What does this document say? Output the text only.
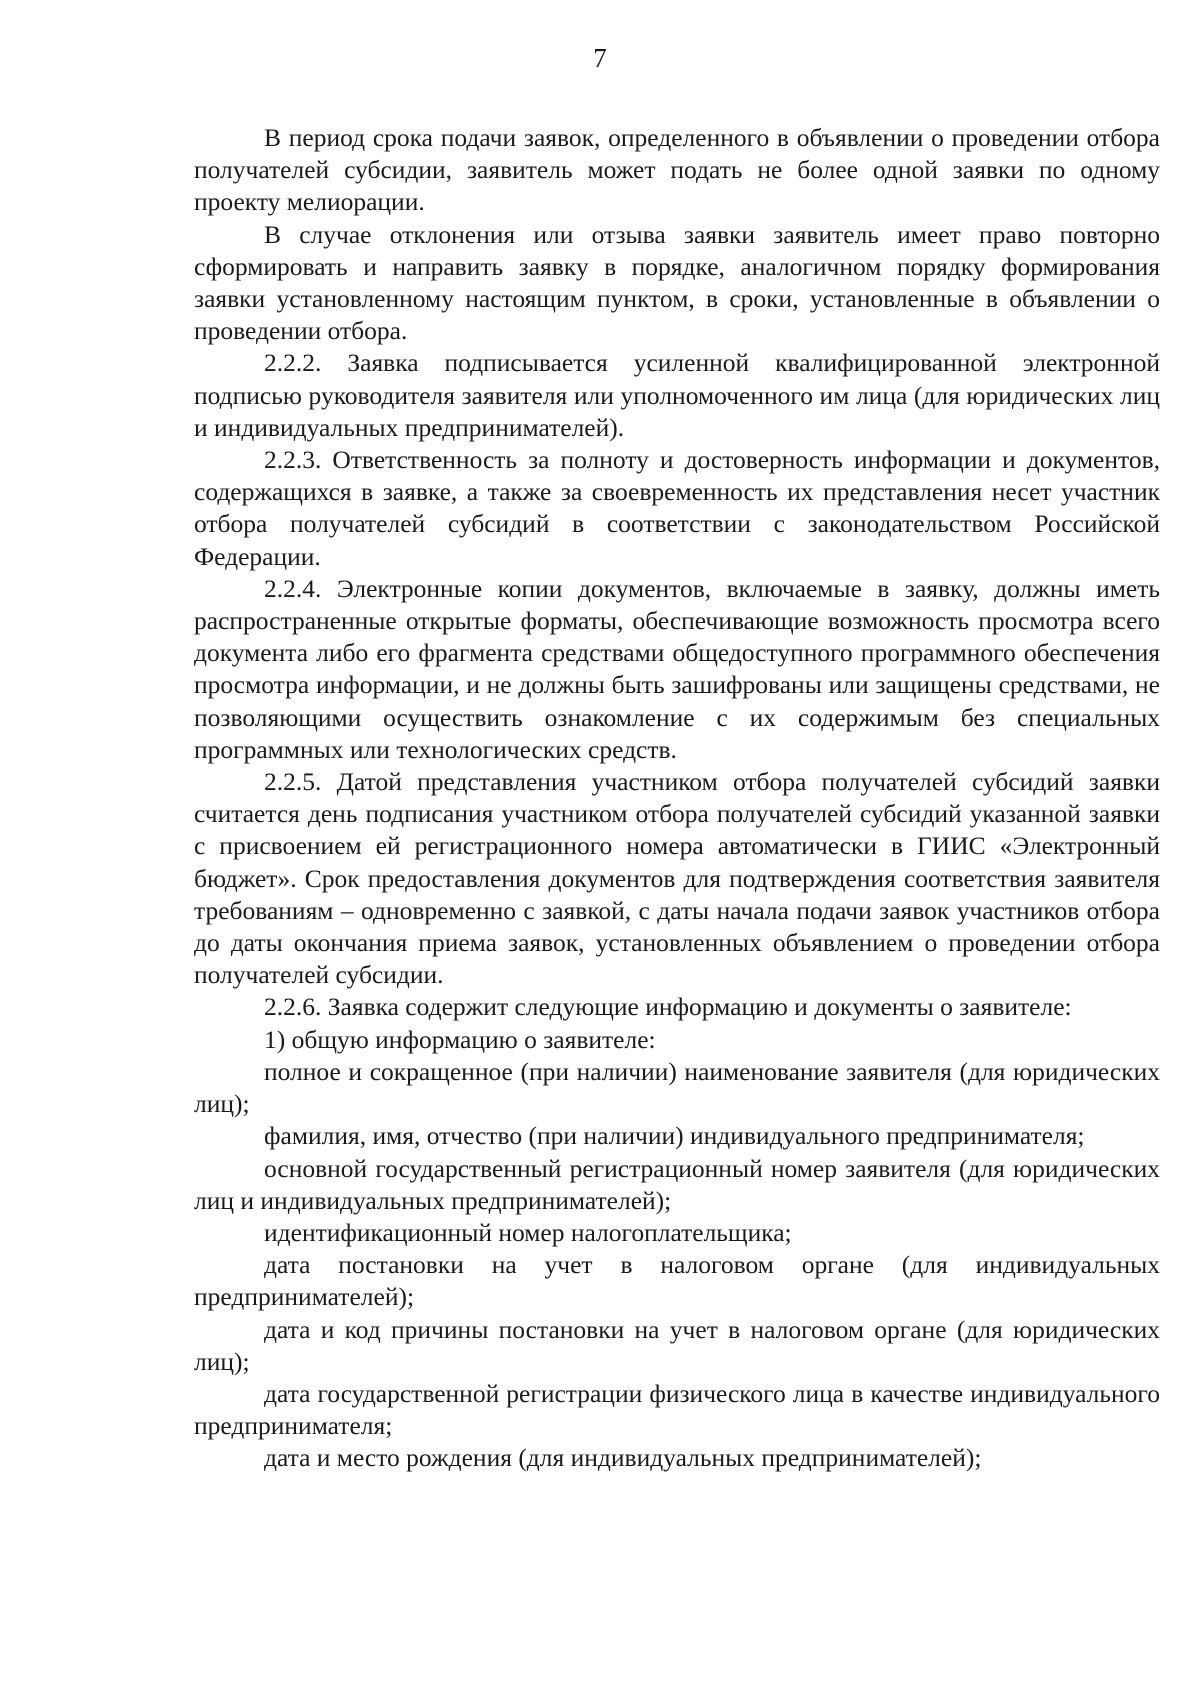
7

В период срока подачи заявок, определенного в объявлении о проведении отбора получателей субсидии, заявитель может подать не более одной заявки по одному проекту мелиорации.

В случае отклонения или отзыва заявки заявитель имеет право повторно сформировать и направить заявку в порядке, аналогичном порядку формирования заявки установленному настоящим пунктом, в сроки, установленные в объявлении о проведении отбора.

2.2.2. Заявка подписывается усиленной квалифицированной электронной подписью руководителя заявителя или уполномоченного им лица (для юридических лиц и индивидуальных предпринимателей).

2.2.3. Ответственность за полноту и достоверность информации и документов, содержащихся в заявке, а также за своевременность их представления несет участник отбора получателей субсидий в соответствии с законодательством Российской Федерации.

2.2.4. Электронные копии документов, включаемые в заявку, должны иметь распространенные открытые форматы, обеспечивающие возможность просмотра всего документа либо его фрагмента средствами общедоступного программного обеспечения просмотра информации, и не должны быть зашифрованы или защищены средствами, не позволяющими осуществить ознакомление с их содержимым без специальных программных или технологических средств.

2.2.5. Датой представления участником отбора получателей субсидий заявки считается день подписания участником отбора получателей субсидий указанной заявки с присвоением ей регистрационного номера автоматически в ГИИС «Электронный бюджет». Срок предоставления документов для подтверждения соответствия заявителя требованиям – одновременно с заявкой, с даты начала подачи заявок участников отбора до даты окончания приема заявок, установленных объявлением о проведении отбора получателей субсидии.

2.2.6. Заявка содержит следующие информацию и документы о заявителе:

1) общую информацию о заявителе:

полное и сокращенное (при наличии) наименование заявителя (для юридических лиц);

фамилия, имя, отчество (при наличии) индивидуального предпринимателя;

основной государственный регистрационный номер заявителя (для юридических лиц и индивидуальных предпринимателей);

идентификационный номер налогоплательщика;

дата постановки на учет в налоговом органе (для индивидуальных предпринимателей);

дата и код причины постановки на учет в налоговом органе (для юридических лиц);

дата государственной регистрации физического лица в качестве индивидуального предпринимателя;

дата и место рождения (для индивидуальных предпринимателей);
